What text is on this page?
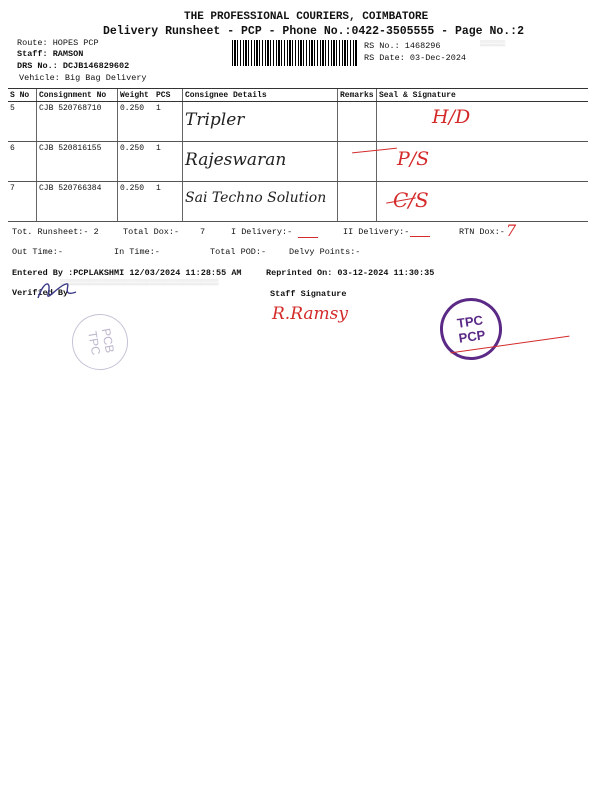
THE PROFESSIONAL COURIERS, COIMBATORE
Delivery Runsheet - PCP - Phone No.:0422-3505555 - Page No.:2
Route: HOPES PCP
Staff: RAMSON
DRS No.: DCJB146829602
Vehicle: Big Bag Delivery
RS No.: 1468296
RS Date: 03-Dec-2024
▒▒▒▒▒▒▒
S No	Consignment No	Weight	PCS	Consignee Details	Remarks	Seal & Signature
5	CJB 520768710	0.250	1	Tripler		H/D
6	CJB 520816155	0.250	1	Rajeswaran		P/S
7	CJB 520766384	0.250	1	Sai Techno Solution		C/S
Tot. Runsheet:- 2	Total Dox:- 7	I Delivery:-	II Delivery:-	RTN Dox:- 7
Out Time:-	In Time:-	Total POD:-	Delvy Points:-
Entered By :PCPLAKSHMI 12/03/2024 11:28:55 AM	Reprinted On: 03-12-2024 11:30:35
▒▒▒▒▒▒▒▒▒▒▒▒▒▒▒▒▒▒▒▒▒▒▒▒▒▒▒▒▒▒▒▒▒▒▒▒▒▒▒▒▒▒▒▒
Verified By	Staff Signature
R.Ramsy
PCB
TPC
TPC
PCP
